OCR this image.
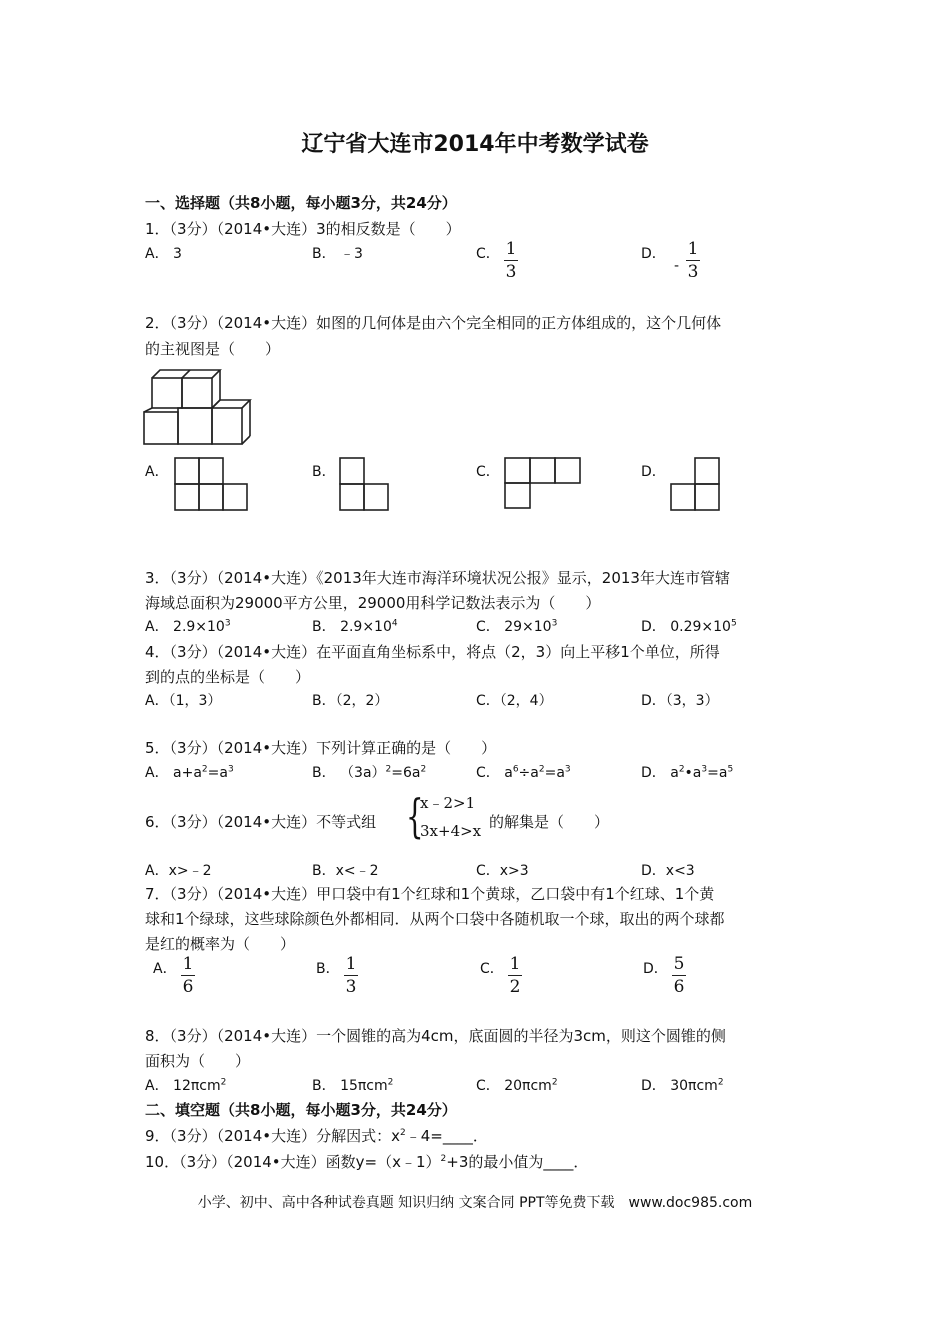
辽宁省大连市2014年中考数学试卷
一、选择题（共8小题，每小题3分，共24分）
1．（3分）（2014•大连）3的相反数是（　　）
A． 3	B． ﹣3	C． $\frac{1}{3}$	D．
- $\frac{1}{3}$
2．（3分）（2014•大连）如图的几何体是由六个完全相同的正方体组成的，这个几何体
的主视图是（　　）
A．	B．	C．	D．
3．（3分）（2014•大连）《2013年大连市海洋环境状况公报》显示，2013年大连市管辖
海域总面积为29000平方公里，29000用科学记数法表示为（　　）
A． $2.9\times 10^3$	B． $2.9\times 10^4$	C． $29\times 10^3$	D． $0.29\times 10^5$
4．（3分）（2014•大连）在平面直角坐标系中，将点（2，3）向上平移1个单位，所得
到的点的坐标是（　　）
A．（1，3）	B．（2，2）	C．（2，4）	D．（3，3）
5．（3分）（2014•大连）下列计算正确的是（　　）
A． $a+a^2=a^3$	B． $(3a)^2=6a^2$	C． $a^6\div a^2=a^3$	D． $a^2•a^3=a^5$
6．（3分）（2014•大连）不等式组 {
x﹣2>1
3x+4>x 的解集是（　　）
A．x>﹣2	B．x<﹣2	C．x>3	D．x<3
7．（3分）（2014•大连）甲口袋中有1个红球和1个黄球，乙口袋中有1个红球、1个黄
球和1个绿球，这些球除颜色外都相同．从两个口袋中各随机取一个球，取出的两个球都
是红的概率为（　　）
A． $\frac{1}{6}$	B． $\frac{1}{3}$	C． $\frac{1}{2}$	D． $\frac{5}{6}$
8．（3分）（2014•大连）一个圆锥的高为4cm，底面圆的半径为3cm，则这个圆锥的侧
面积为（　　）
A． 12πcm$^2$	B． 15πcm$^2$	C． 20πcm$^2$	D． 30πcm$^2$
二、填空题（共8小题，每小题3分，共24分）
9．（3分）（2014•大连）分解因式：$x^2﹣4=\_\_\_\_$．
10．（3分）（2014•大连）函数y=（x﹣1）$^2$+3的最小值为____．
小学、初中、高中各种试卷真题 知识归纳 文案合同 PPT等免费下载　www.doc985.com
